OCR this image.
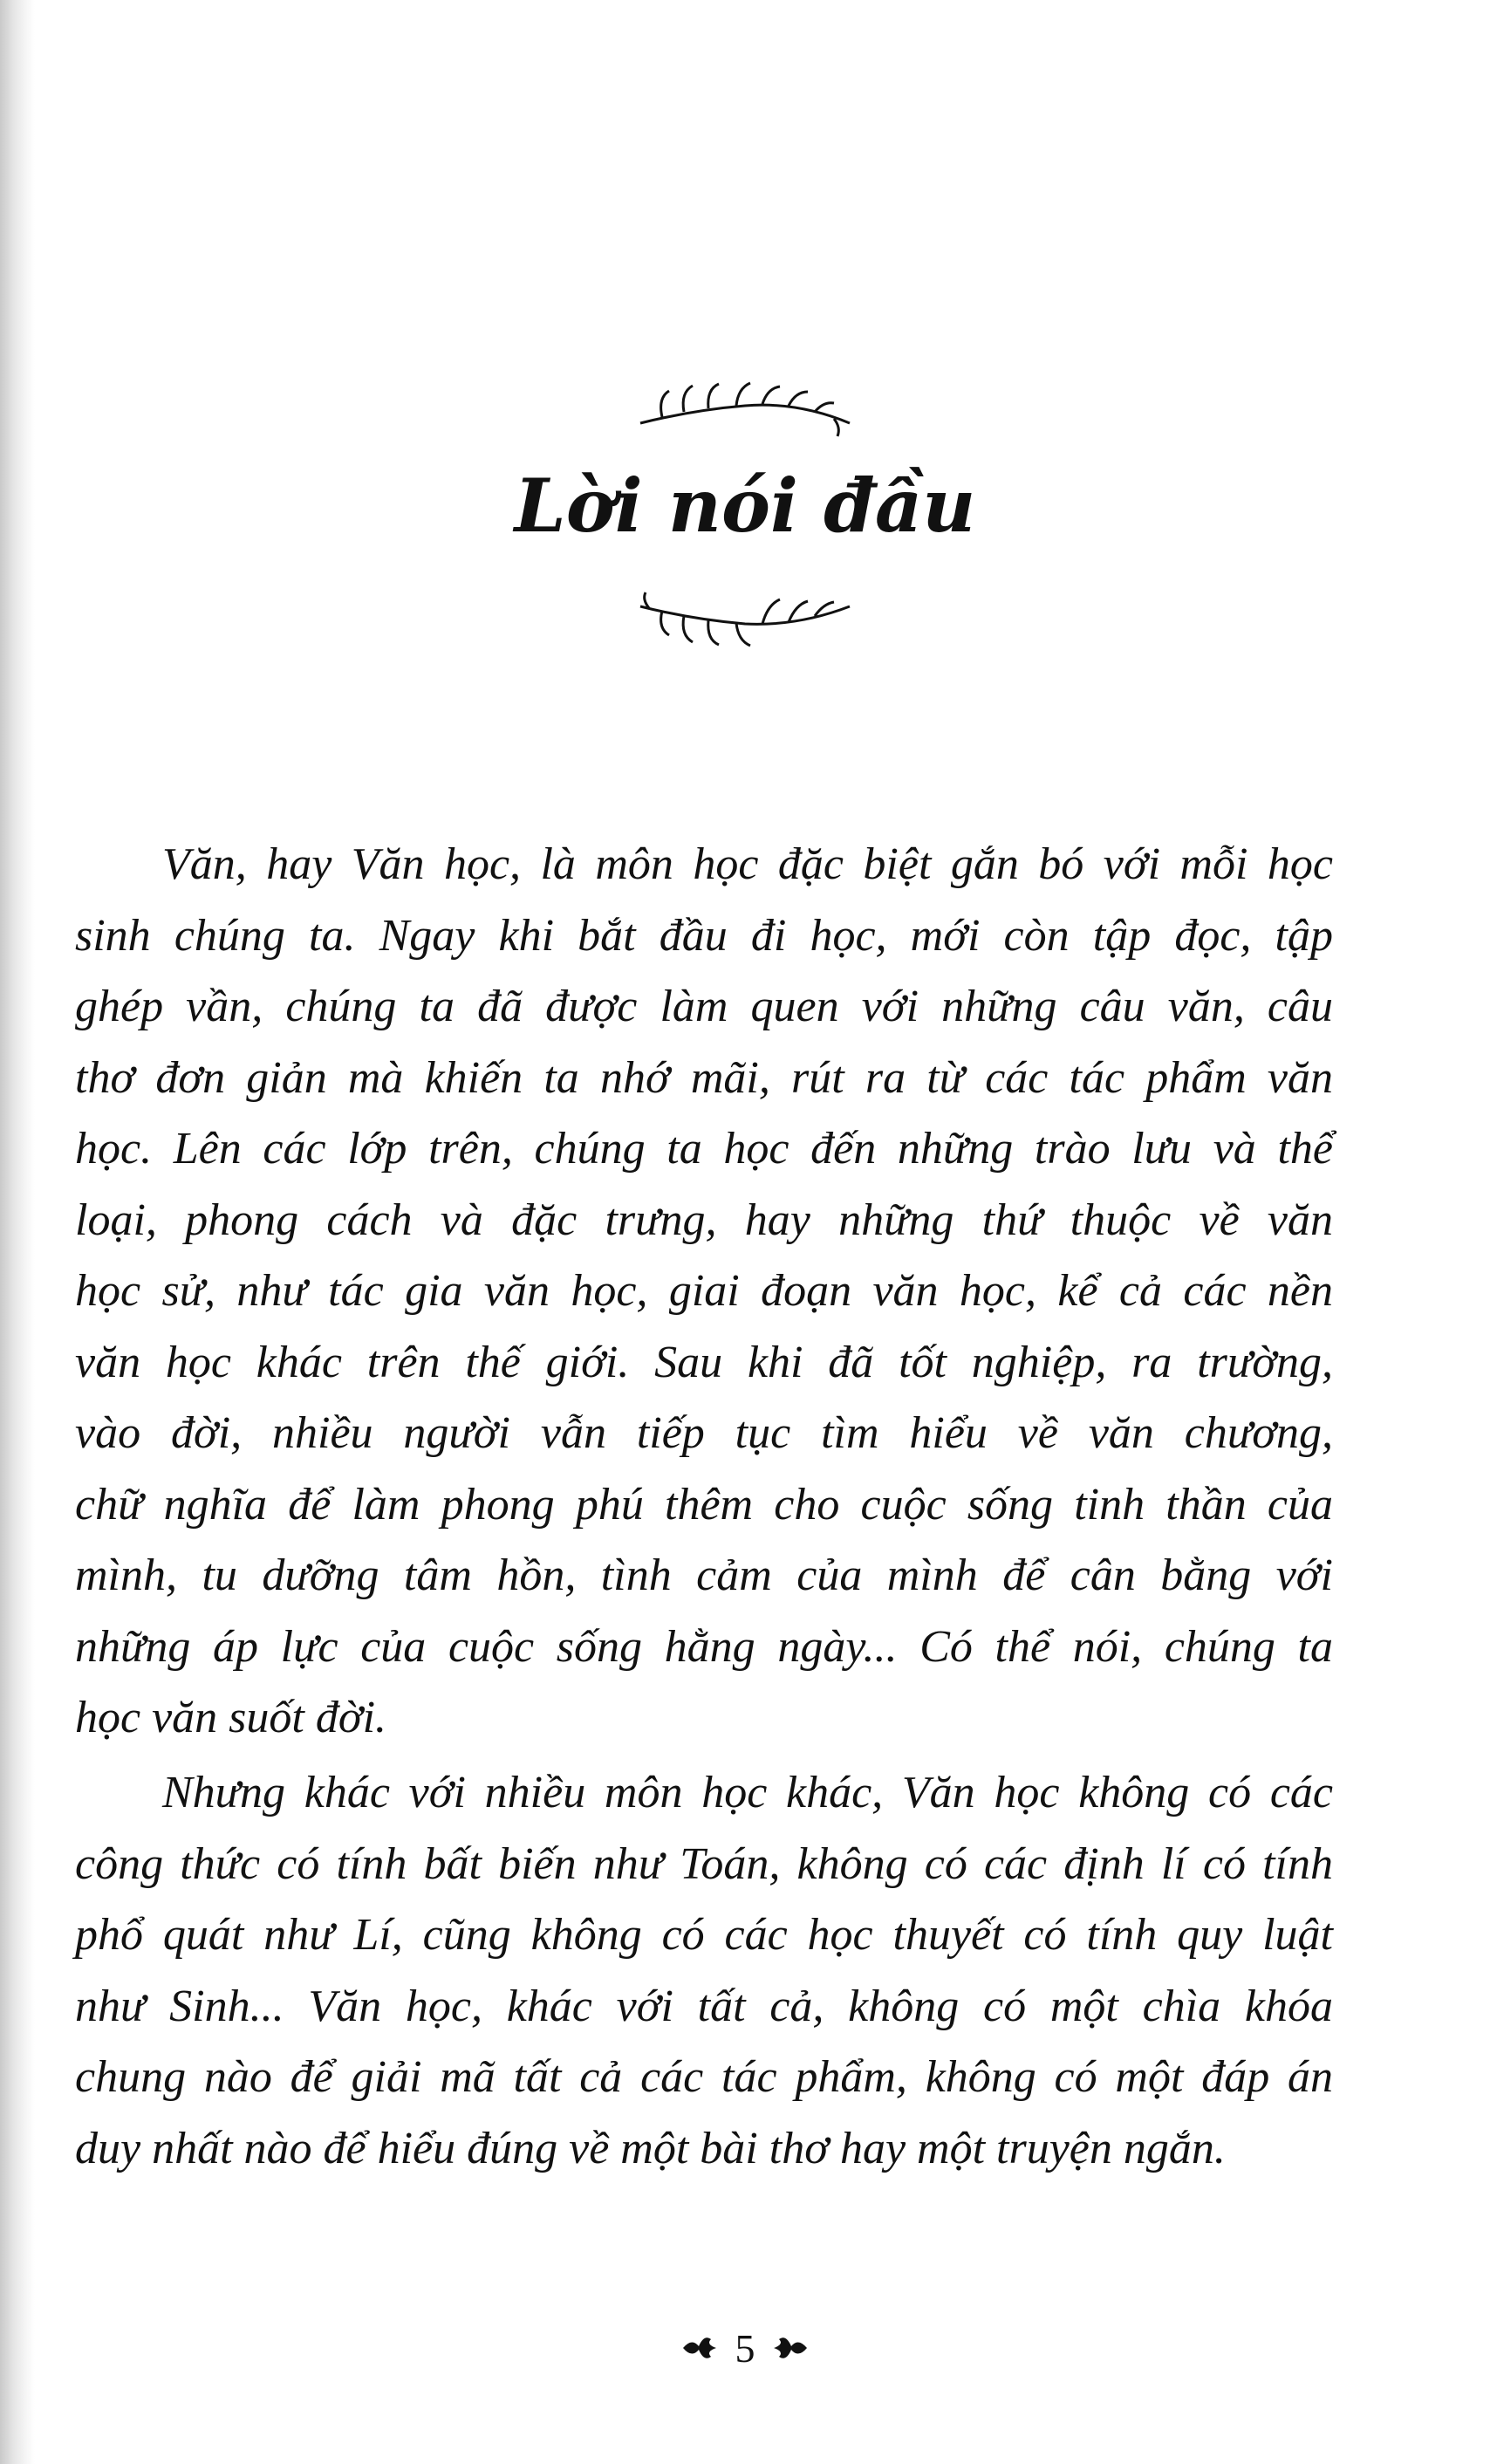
Lời nói đầu
Văn, hay Văn học, là môn học đặc biệt gắn bó với mỗi học
sinh chúng ta. Ngay khi bắt đầu đi học, mới còn tập đọc, tập
ghép vần, chúng ta đã được làm quen với những câu văn, câu
thơ đơn giản mà khiến ta nhớ mãi, rút ra từ các tác phẩm văn
học. Lên các lớp trên, chúng ta học đến những trào lưu và thể
loại, phong cách và đặc trưng, hay những thứ thuộc về văn
học sử, như tác gia văn học, giai đoạn văn học, kể cả các nền
văn học khác trên thế giới. Sau khi đã tốt nghiệp, ra trường,
vào đời, nhiều người vẫn tiếp tục tìm hiểu về văn chương,
chữ nghĩa để làm phong phú thêm cho cuộc sống tinh thần của
mình, tu dưỡng tâm hồn, tình cảm của mình để cân bằng với
những áp lực của cuộc sống hằng ngày... Có thể nói, chúng ta
học văn suốt đời.
Nhưng khác với nhiều môn học khác, Văn học không có các
công thức có tính bất biến như Toán, không có các định lí có tính
phổ quát như Lí, cũng không có các học thuyết có tính quy luật
như Sinh... Văn học, khác với tất cả, không có một chìa khóa
chung nào để giải mã tất cả các tác phẩm, không có một đáp án
duy nhất nào để hiểu đúng về một bài thơ hay một truyện ngắn.
5
